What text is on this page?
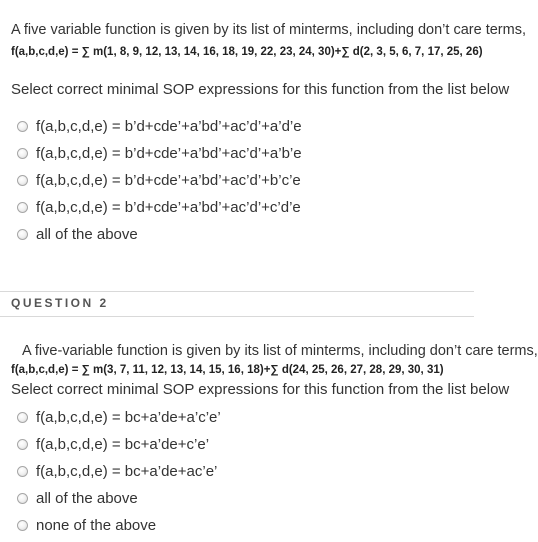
A five variable function is given by its list of minterms, including don’t care terms,
f(a,b,c,d,e) = ∑ m(1, 8, 9, 12, 13, 14, 16, 18, 19, 22, 23, 24, 30)+∑ d(2, 3, 5, 6, 7, 17, 25, 26)
Select correct minimal SOP expressions for this function from the list below
f(a,b,c,d,e) = b’d+cde’+a’bd’+ac’d’+a’d’e
f(a,b,c,d,e) = b’d+cde’+a’bd’+ac’d’+a’b’e
f(a,b,c,d,e) = b’d+cde’+a’bd’+ac’d’+b’c’e
f(a,b,c,d,e) = b’d+cde’+a’bd’+ac’d’+c’d’e
all of the above
QUESTION 2
A five-variable function is given by its list of minterms, including don’t care terms,
f(a,b,c,d,e) = ∑ m(3, 7, 11, 12, 13, 14, 15, 16, 18)+∑ d(24, 25, 26, 27, 28, 29, 30, 31)
Select correct minimal SOP expressions for this function from the list below
f(a,b,c,d,e) = bc+a’de+a’c’e’
f(a,b,c,d,e) = bc+a’de+c’e’
f(a,b,c,d,e) = bc+a’de+ac’e’
all of the above
none of the above
